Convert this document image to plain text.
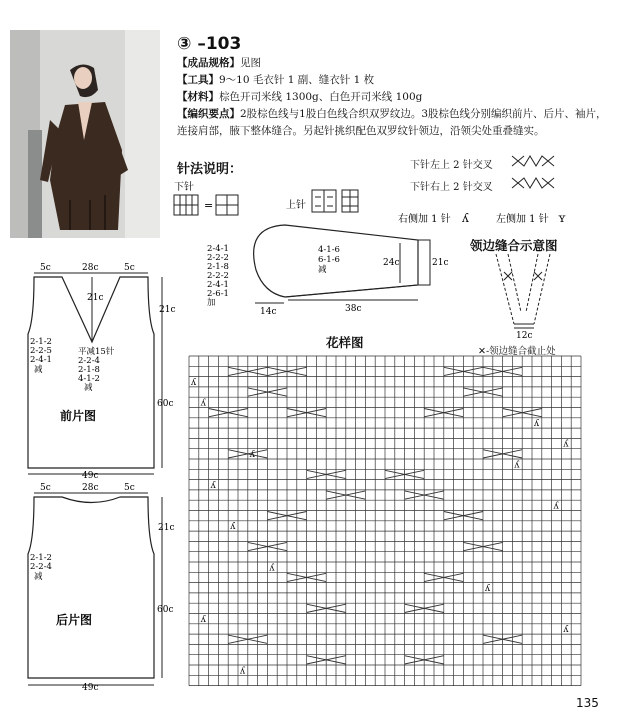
③ –103
【成品规格】见图
【工具】9～10 毛衣针 1 副、缝衣针 1 枚
【材料】棕色开司米线 1300g、白色开司米线 100g
【编织要点】2股棕色线与1股白色线合织双罗纹边。3股棕色线分别编织前片、后片、袖片，连接肩部，腋下整体缝合。另起针挑织配色双罗纹针领边，沿领尖处重叠缝实。
针法说明：
下针
=	上针
右侧加 1 针 ʎ	左侧加 1 针 ʏ
下针左上 2 针交叉
下针右上 2 针交叉
2-4-1
2-2-2
2-1-8
2-2-2
2-4-1
2-6-1
加
4-1-6
6-1-6
减
24c	21c
14c	38c
领边缝合示意图
12c
✕-领边缝合截止处
5c	28c	5c
21c
21c
60c
49c
2-1-2
2-2-5
2-4-1
减
平减15针
2-2-4
2-1-8
4-1-2
减
前片图
5c	28c	5c
21c
60c
49c
2-1-2
2-2-4
减
后片图
花样图
ʎ
ʎ
ʎ
ʎ
ʎ
ʎ
ʎ
ʎ
ʎ
ʎ
ʎ
ʎ
ʎ
ʎ
135
